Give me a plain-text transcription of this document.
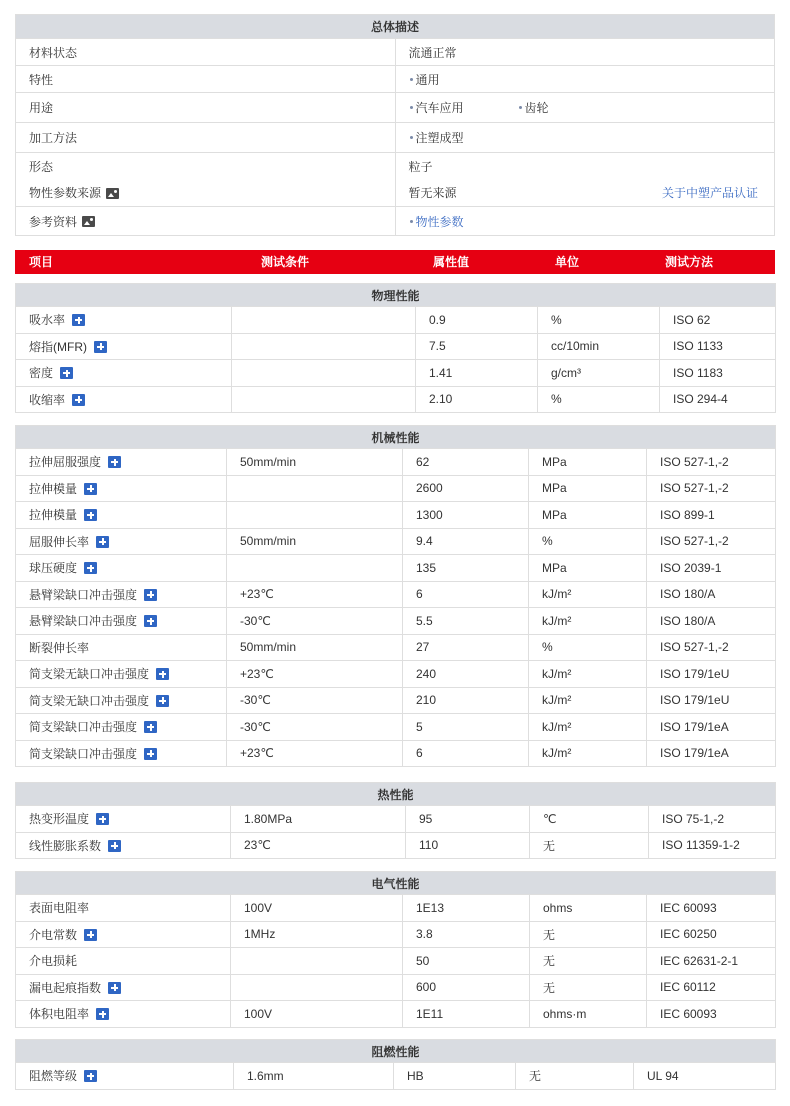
总体描述	
材料状态	流通正常
特性	通用
用途	汽车应用 齿轮
加工方法	注塑成型
形态	粒子
物性参数来源	暂无来源 关于中塑产品认证

参考资料	物性参数
项目	测试条件	属性值	单位	测试方法
物理性能				
吸水率		0.9	%	ISO 62
熔指(MFR)		7.5	cc/10min	ISO 1133
密度		1.41	g/cm³	ISO 1183
收缩率		2.10	%	ISO 294-4
机械性能				
拉伸屈服强度	50mm/min	62	MPa	ISO 527-1,-2
拉伸模量		2600	MPa	ISO 527-1,-2
拉伸模量		1300	MPa	ISO 899-1
屈服伸长率	50mm/min	9.4	%	ISO 527-1,-2
球压硬度		135	MPa	ISO 2039-1
悬臂梁缺口冲击强度	+23℃	6	kJ/m²	ISO 180/A
悬臂梁缺口冲击强度	-30℃	5.5	kJ/m²	ISO 180/A
断裂伸长率	50mm/min	27	%	ISO 527-1,-2
简支梁无缺口冲击强度	+23℃	240	kJ/m²	ISO 179/1eU
简支梁无缺口冲击强度	-30℃	210	kJ/m²	ISO 179/1eU
简支梁缺口冲击强度	-30℃	5	kJ/m²	ISO 179/1eA
简支梁缺口冲击强度	+23℃	6	kJ/m²	ISO 179/1eA
热性能				
热变形温度	1.80MPa	95	℃	ISO 75-1,-2
线性膨胀系数	23℃	110	无	ISO 11359-1-2
电气性能				
表面电阻率	100V	1E13	ohms	IEC 60093
介电常数	1MHz	3.8	无	IEC 60250
介电损耗		50	无	IEC 62631-2-1
漏电起痕指数		600	无	IEC 60112
体积电阻率	100V	1E11	ohms·m	IEC 60093
阻燃性能
阻燃等级	1.6mm	HB	无	UL 94
